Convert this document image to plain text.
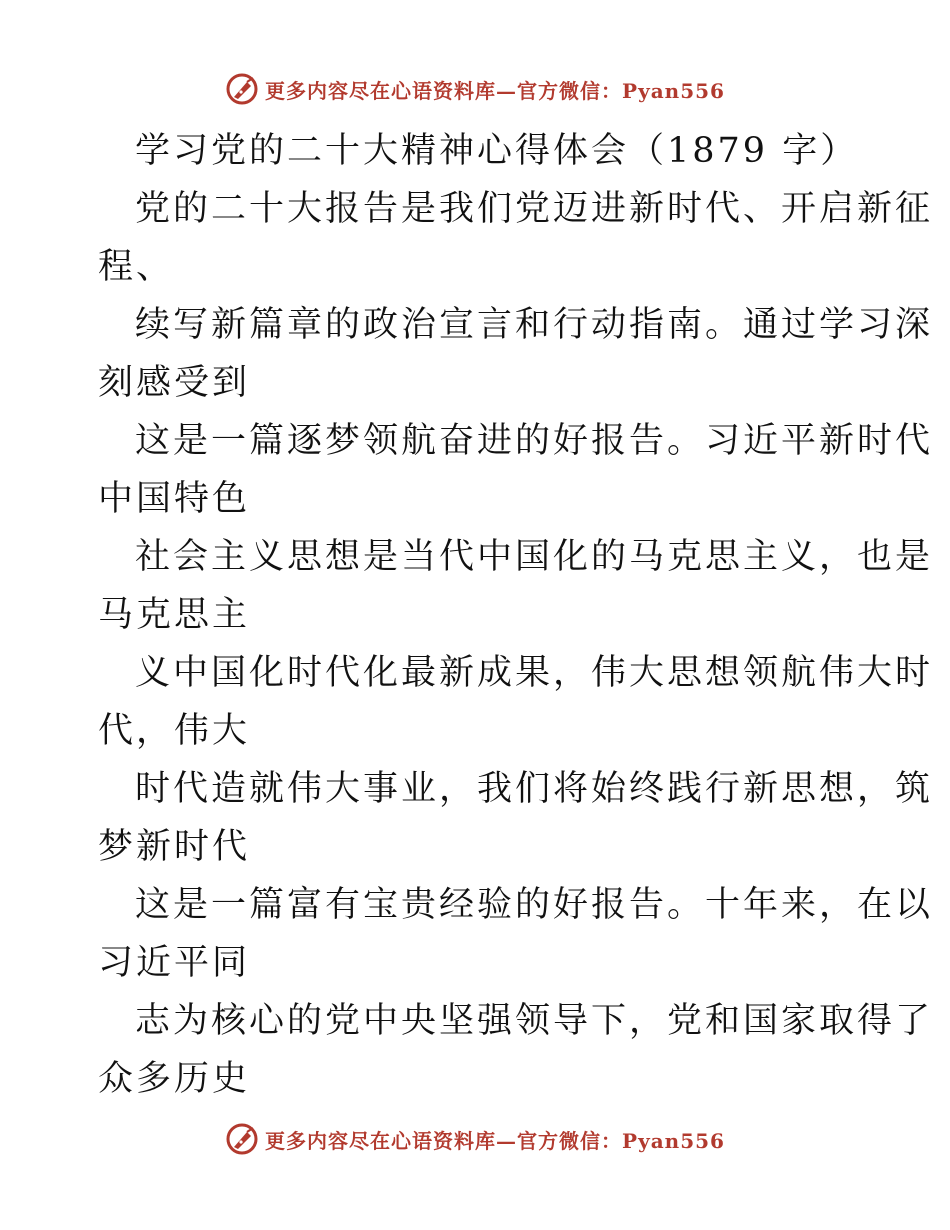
更多内容尽在心语资料库—官方微信：Pyan556
学习党的二十大精神心得体会（1879 字）
党的二十大报告是我们党迈进新时代、开启新征
程、
续写新篇章的政治宣言和行动指南。通过学习深
刻感受到
这是一篇逐梦领航奋进的好报告。习近平新时代
中国特色
社会主义思想是当代中国化的马克思主义，也是
马克思主
义中国化时代化最新成果，伟大思想领航伟大时
代，伟大
时代造就伟大事业，我们将始终践行新思想，筑
梦新时代
这是一篇富有宝贵经验的好报告。十年来，在以
习近平同
志为核心的党中央坚强领导下，党和国家取得了
众多历史
更多内容尽在心语资料库—官方微信：Pyan556
